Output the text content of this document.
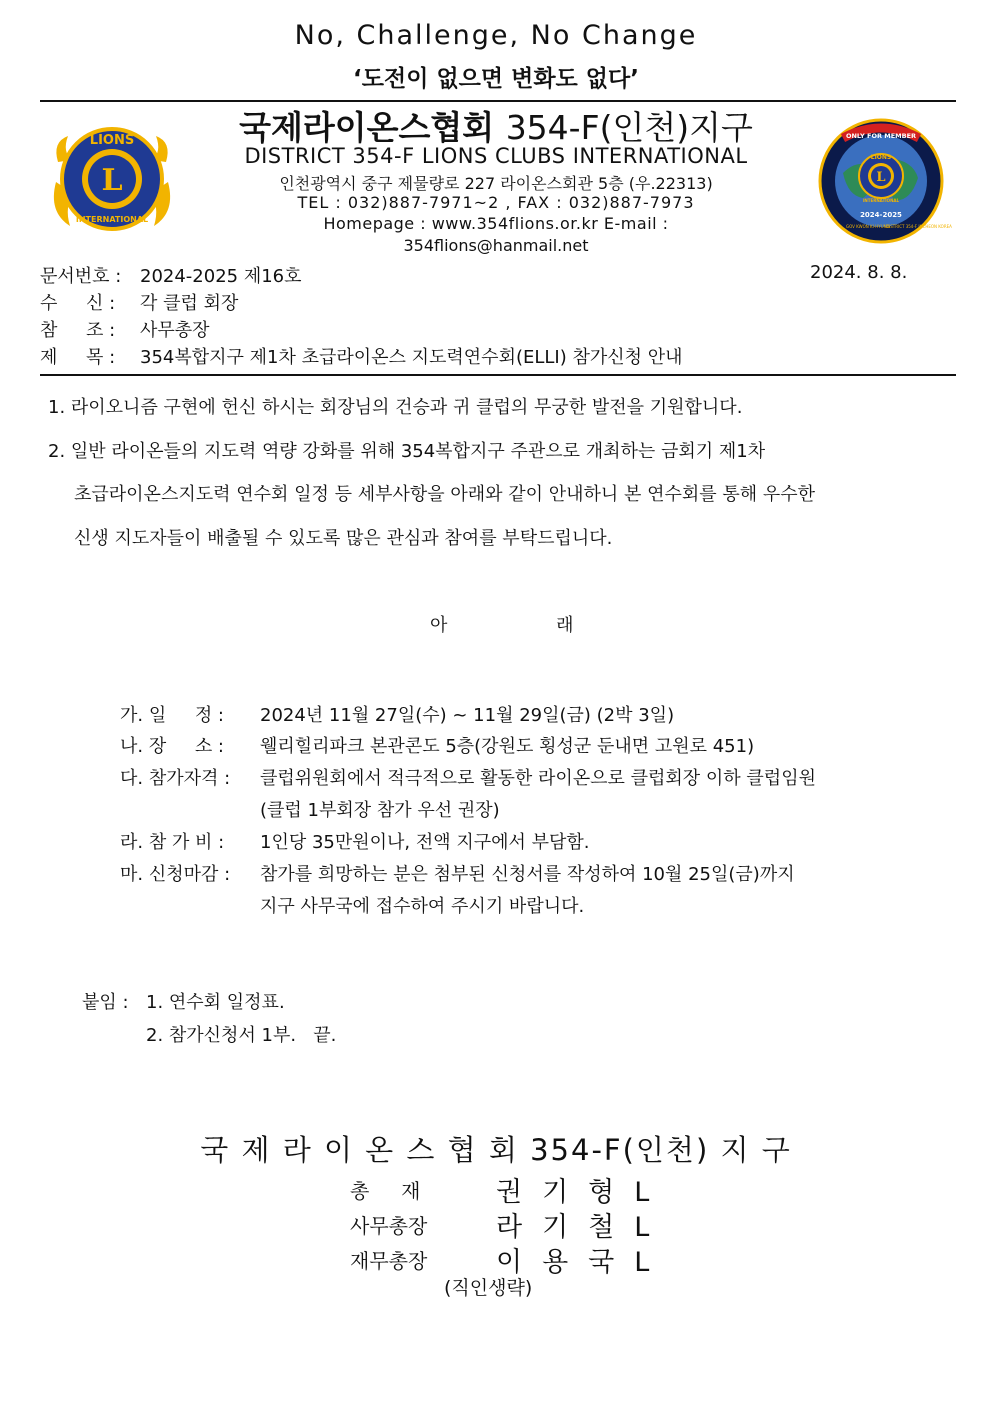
No, Challenge, No Change
‘도전이 없으면 변화도 없다’
L
LIONS
INTERNATIONAL
ONLY FOR MEMBER
L
LIONS
INTERNATIONAL
2024-2025
GOV KWON KI-HYUNG
DISTRICT 354-F INCHEON KOREA
국제라이온스협회 354-F(인천)지구
DISTRICT 354-F LIONS CLUBS INTERNATIONAL
인천광역시 중구 제물량로 227 라이온스회관 5층 (우.22313)
TEL : 032)887-7971~2 , FAX : 032)887-7973
Homepage : www.354flions.or.kr E-mail :
354flions@hanmail.net
문서번호 : 2024-2025 제16호	2024. 8. 8.
수     신 : 각 클럽 회장
참     조 : 사무총장
제     목 : 354복합지구 제1차 초급라이온스 지도력연수회(ELLI) 참가신청 안내
1. 라이오니즘 구현에 헌신 하시는 회장님의 건승과 귀 클럽의 무궁한 발전을 기원합니다.
2. 일반 라이온들의 지도력 역량 강화를 위해 354복합지구 주관으로 개최하는 금회기 제1차
초급라이온스지도력 연수회 일정 등 세부사항을 아래와 같이 안내하니 본 연수회를 통해 우수한
신생 지도자들이 배출될 수 있도록 많은 관심과 참여를 부탁드립니다.
아                   래
가. 일     정 : 2024년 11월 27일(수) ~ 11월 29일(금) (2박 3일)
나. 장     소 : 웰리힐리파크 본관콘도 5층(강원도 횡성군 둔내면 고원로 451)
다. 참가자격 : 클럽위원회에서 적극적으로 활동한 라이온으로 클럽회장 이하 클럽임원
(클럽 1부회장 참가 우선 권장)
라. 참 가 비 : 1인당 35만원이나, 전액 지구에서 부담함.
마. 신청마감 : 참가를 희망하는 분은 첨부된 신청서를 작성하여 10월 25일(금)까지
지구 사무국에 접수하여 주시기 바랍니다.
붙임 : 1. 연수회 일정표.
2. 참가신청서 1부.   끝.
국 제 라 이 온 스 협 회 354-F(인천) 지 구
총     재	권기형L
사무총장	라기철L
재무총장	이용국L
(직인생략)
